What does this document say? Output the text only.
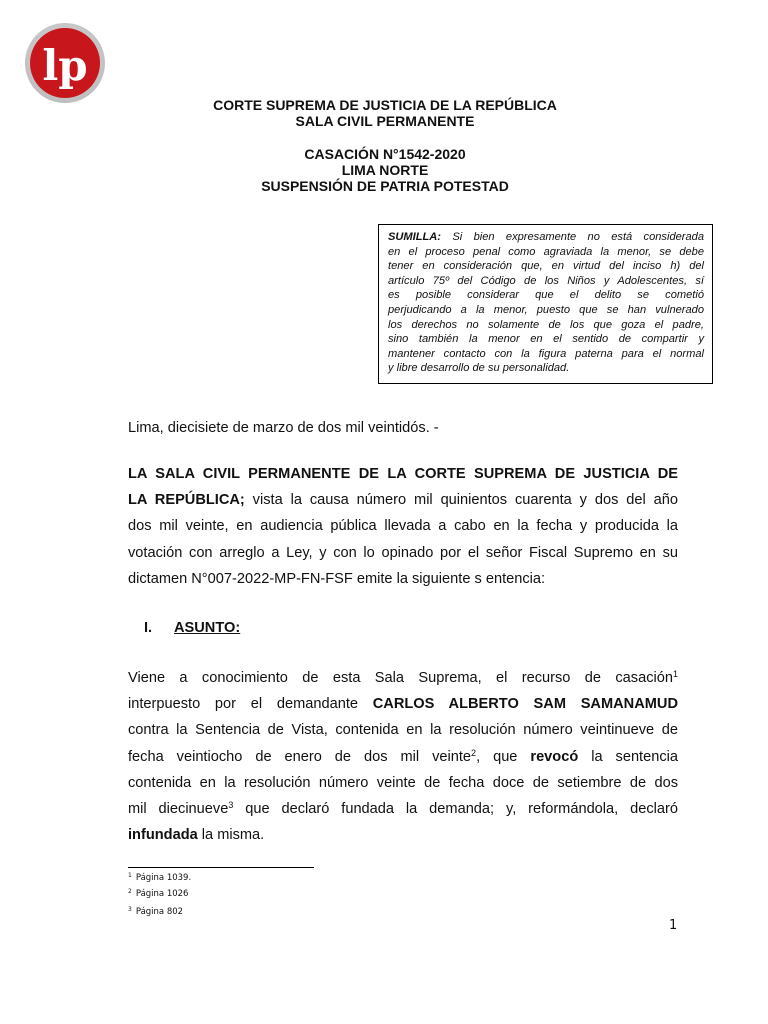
lp
CORTE SUPREMA DE JUSTICIA DE LA REPÚBLICA
SALA CIVIL PERMANENTE
CASACIÓN N°1542-2020
LIMA NORTE
SUSPENSIÓN DE PATRIA POTESTAD
SUMILLA: Si bien expresamente no está considerada
en el proceso penal como agraviada la menor, se debe
tener en consideración que, en virtud del inciso h) del
artículo 75º del Código de los Niños y Adolescentes, sí
es posible considerar que el delito se cometió
perjudicando a la menor, puesto que se han vulnerado
los derechos no solamente de los que goza el padre,
sino también la menor en el sentido de compartir y
mantener contacto con la figura paterna para el normal
y libre desarrollo de su personalidad.
Lima, diecisiete de marzo de dos mil veintidós. -
LA SALA CIVIL PERMANENTE DE LA CORTE SUPREMA DE JUSTICIA DE
LA REPÚBLICA; vista la causa número mil quinientos cuarenta y dos del año
dos mil veinte, en audiencia pública llevada a cabo en la fecha y producida la
votación con arreglo a Ley, y con lo opinado por el señor Fiscal Supremo en su
dictamen N°007-2022-MP-FN-FSF emite la siguiente s entencia:
I. ASUNTO:
Viene a conocimiento de esta Sala Suprema, el recurso de casación$^1$
interpuesto por el demandante CARLOS ALBERTO SAM SAMANAMUD
contra la Sentencia de Vista, contenida en la resolución número veintinueve de
fecha veintiocho de enero de dos mil veinte$^2$, que revocó la sentencia
contenida en la resolución número veinte de fecha doce de setiembre de dos
mil diecinueve$^3$ que declaró fundada la demanda; y, reformándola, declaró
infundada la misma.
$^1$ Página 1039.
$^2$ Página 1026
$^3$ Página 802
1
